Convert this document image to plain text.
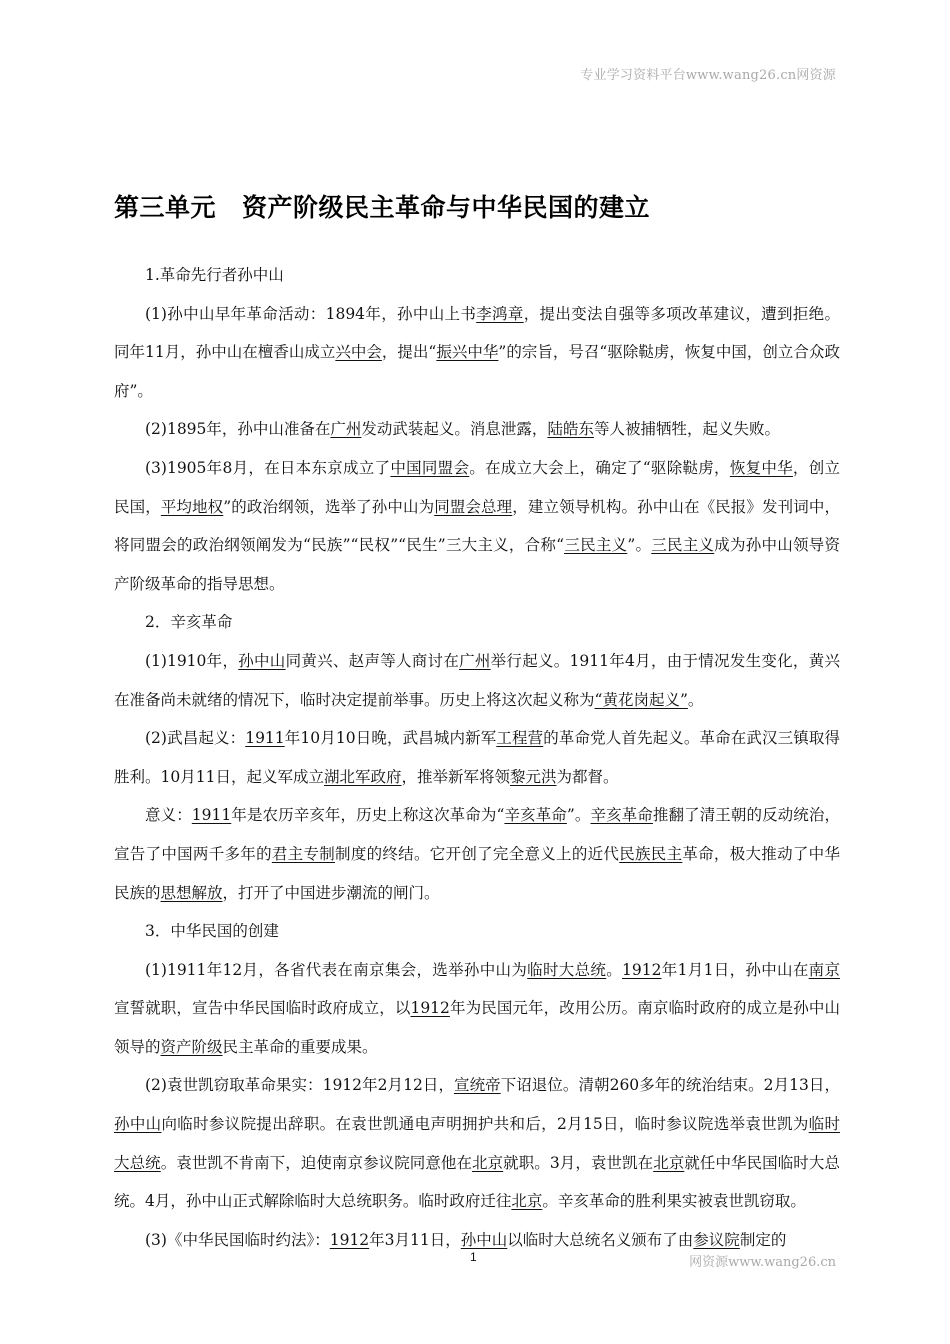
专业学习资料平台www.wang26.cn网资源
第三单元 资产阶级民主革命与中华民国的建立

1.革命先行者孙中山

(1)孙中山早年革命活动：1894年，孙中山上书李鸿章，提出变法自强等多项改革建议，遭到拒绝。同年11月，孙中山在檀香山成立兴中会，提出“振兴中华”的宗旨，号召“驱除鞑虏，恢复中国，创立合众政府”。

(2)1895年，孙中山准备在广州发动武装起义。消息泄露，陆皓东等人被捕牺牲，起义失败。

(3)1905年8月，在日本东京成立了中国同盟会。在成立大会上，确定了“驱除鞑虏，恢复中华，创立民国，平均地权”的政治纲领，选举了孙中山为同盟会总理，建立领导机构。孙中山在《民报》发刊词中，将同盟会的政治纲领阐发为“民族”“民权”“民生”三大主义，合称“三民主义”。三民主义成为孙中山领导资产阶级革命的指导思想。

2．辛亥革命

(1)1910年，孙中山同黄兴、赵声等人商讨在广州举行起义。1911年4月，由于情况发生变化，黄兴在准备尚未就绪的情况下，临时决定提前举事。历史上将这次起义称为“黄花岗起义”。

(2)武昌起义：1911年10月10日晚，武昌城内新军工程营的革命党人首先起义。革命在武汉三镇取得胜利。10月11日，起义军成立湖北军政府，推举新军将领黎元洪为都督。

意义：1911年是农历辛亥年，历史上称这次革命为“辛亥革命”。辛亥革命推翻了清王朝的反动统治，宣告了中国两千多年的君主专制制度的终结。它开创了完全意义上的近代民族民主革命，极大推动了中华民族的思想解放，打开了中国进步潮流的闸门。

3．中华民国的创建

(1)1911年12月，各省代表在南京集会，选举孙中山为临时大总统。1912年1月1日，孙中山在南京宣誓就职，宣告中华民国临时政府成立，以1912年为民国元年，改用公历。南京临时政府的成立是孙中山领导的资产阶级民主革命的重要成果。

(2)袁世凯窃取革命果实：1912年2月12日，宣统帝下诏退位。清朝260多年的统治结束。2月13日，孙中山向临时参议院提出辞职。在袁世凯通电声明拥护共和后，2月15日，临时参议院选举袁世凯为临时大总统。袁世凯不肯南下，迫使南京参议院同意他在北京就职。3月，袁世凯在北京就任中华民国临时大总统。4月，孙中山正式解除临时大总统职务。临时政府迁往北京。辛亥革命的胜利果实被袁世凯窃取。

(3)《中华民国临时约法》：1912年3月11日，孙中山以临时大总统名义颁布了由参议院制定的

1	网资源www.wang26.cn
